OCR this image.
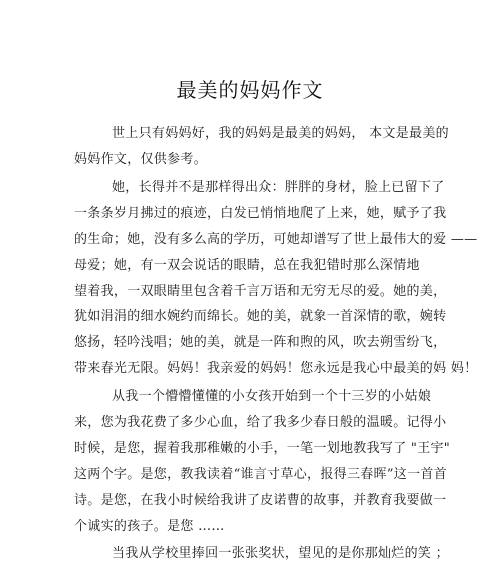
最美的妈妈作文
世上只有妈妈好，我的妈妈是最美的妈妈， 本文是最美的
妈妈作文，仅供参考。
她，长得并不是那样得出众：胖胖的身材，脸上已留下了
一条条岁月拂过的痕迹，白发已悄悄地爬了上来，她，赋予了我
的生命；她，没有多么高的学历，可她却谱写了世上最伟大的爱 ——
母爱；她，有一双会说话的眼睛，总在我犯错时那么深情地
望着我，一双眼睛里包含着千言万语和无穷无尽的爱。她的美，
犹如涓涓的细水婉约而绵长。她的美，就象一首深情的歌，婉转
悠扬，轻吟浅唱；她的美，就是一阵和煦的风，吹去朔雪纷飞，
带来春光无限。妈妈！我亲爱的妈妈！您永远是我心中最美的妈 妈！
从我一个懵懵懂懂的小女孩开始到一个十三岁的小姑娘
来，您为我花费了多少心血，给了我多少春日般的温暖。记得小
时候，是您，握着我那稚嫩的小手，一笔一划地教我写了 "王宇"
这两个字。是您，教我读着“谁言寸草心，报得三春晖”这一首首
诗。是您，在我小时候给我讲了皮诺曹的故事，并教育我要做一
个诚实的孩子。是您 ……
当我从学校里捧回一张张奖状，望见的是你那灿烂的笑 ；
